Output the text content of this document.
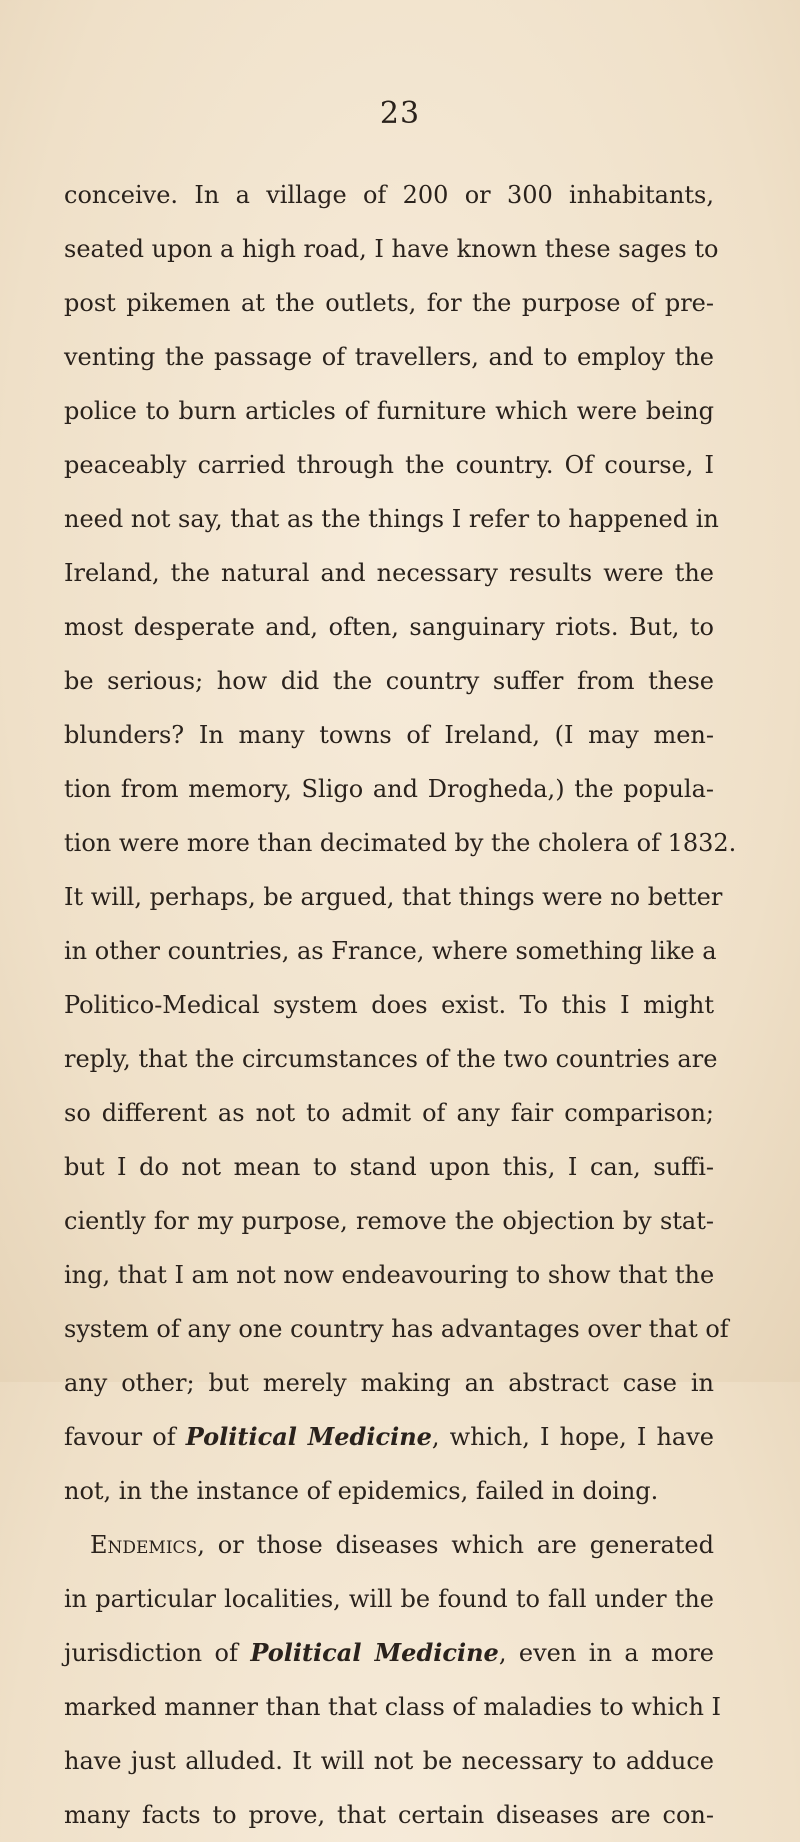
23
conceive. In a village of 200 or 300 inhabitants,
seated upon a high road, I have known these sages to
post pikemen at the outlets, for the purpose of pre-
venting the passage of travellers, and to employ the
police to burn articles of furniture which were being
peaceably carried through the country. Of course, I
need not say, that as the things I refer to happened in
Ireland, the natural and necessary results were the
most desperate and, often, sanguinary riots. But, to
be serious; how did the country suffer from these
blunders? In many towns of Ireland, (I may men-
tion from memory, Sligo and Drogheda,) the popula-
tion were more than decimated by the cholera of 1832.
It will, perhaps, be argued, that things were no better
in other countries, as France, where something like a
Politico-Medical system does exist. To this I might
reply, that the circumstances of the two countries are
so different as not to admit of any fair comparison;
but I do not mean to stand upon this, I can, suffi-
ciently for my purpose, remove the objection by stat-
ing, that I am not now endeavouring to show that the
system of any one country has advantages over that of
any other; but merely making an abstract case in
favour of Political Medicine, which, I hope, I have
not, in the instance of epidemics, failed in doing.
Endemics, or those diseases which are generated
in particular localities, will be found to fall under the
jurisdiction of Political Medicine, even in a more
marked manner than that class of maladies to which I
have just alluded. It will not be necessary to adduce
many facts to prove, that certain diseases are con-
